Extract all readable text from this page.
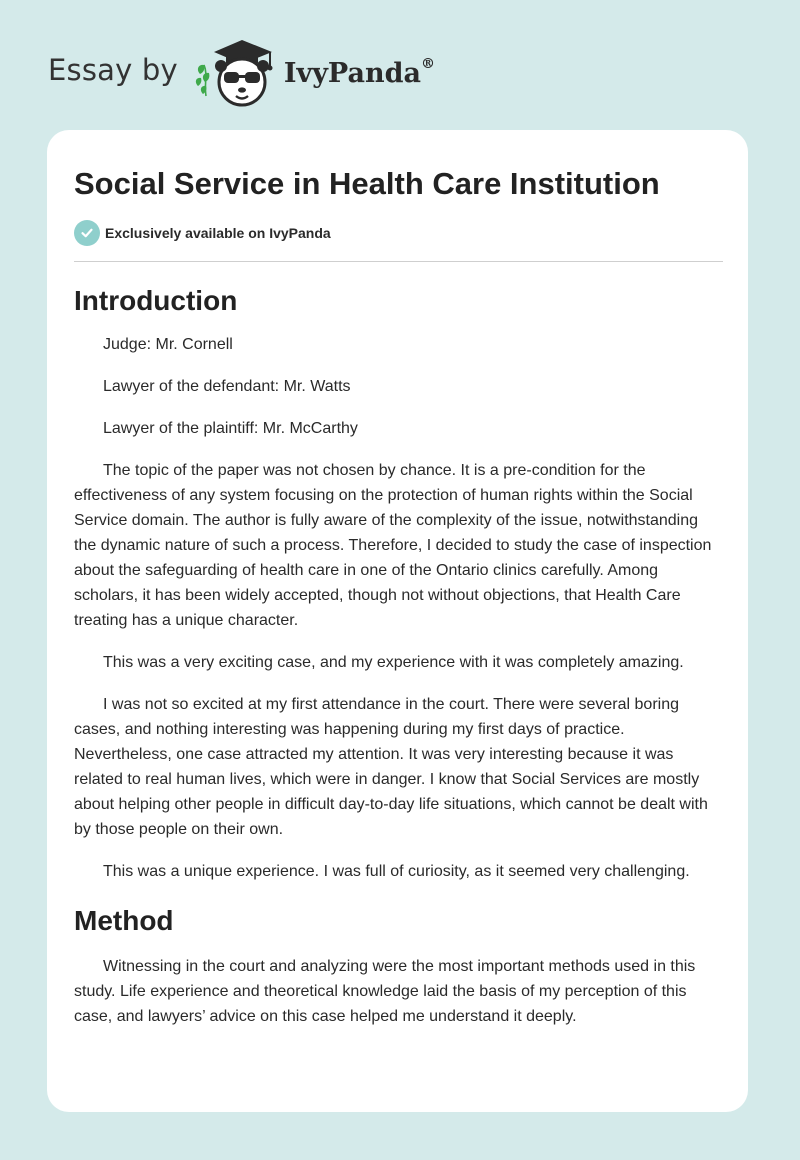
Essay by	IvyPanda®
Social Service in Health Care Institution
Exclusively available on IvyPanda
Introduction

Judge: Mr. Cornell

Lawyer of the defendant: Mr. Watts

Lawyer of the plaintiff: Mr. McCarthy

The topic of the paper was not chosen by chance. It is a pre-condition for the effectiveness of any system focusing on the protection of human rights within the Social Service domain. The author is fully aware of the complexity of the issue, notwithstanding the dynamic nature of such a process. Therefore, I decided to study the case of inspection about the safeguarding of health care in one of the Ontario clinics carefully. Among scholars, it has been widely accepted, though not without objections, that Health Care treating has a unique character.

This was a very exciting case, and my experience with it was completely amazing.

I was not so excited at my first attendance in the court. There were several boring cases, and nothing interesting was happening during my first days of practice. Nevertheless, one case attracted my attention. It was very interesting because it was related to real human lives, which were in danger. I know that Social Services are mostly about helping other people in difficult day-to-day life situations, which cannot be dealt with by those people on their own.

This was a unique experience. I was full of curiosity, as it seemed very challenging.

Method

Witnessing in the court and analyzing were the most important methods used in this study. Life experience and theoretical knowledge laid the basis of my perception of this case, and lawyers’ advice on this case helped me understand it deeply.
